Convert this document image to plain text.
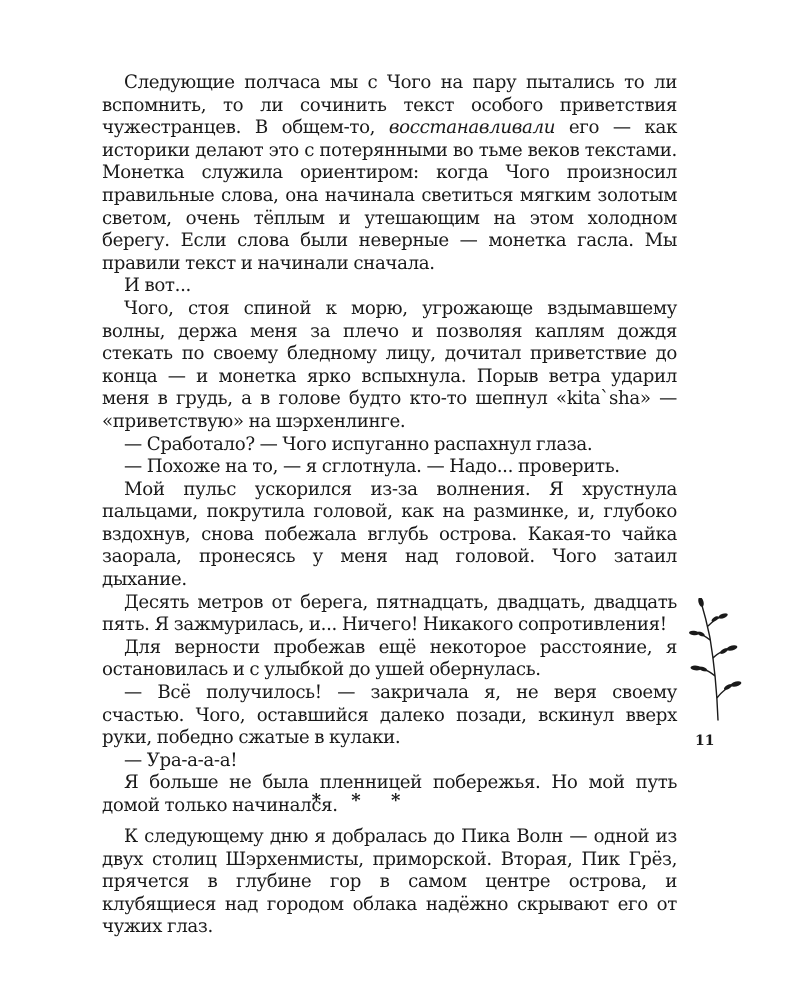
Следующие полчаса мы с Чого на пару пытались то ли вспомнить, то ли сочинить текст особого приветствия чужестранцев. В общем-то, восстанавливали его — как историки делают это с потерянными во тьме веков текстами. Монетка служила ориентиром: когда Чого произносил правильные слова, она начинала светиться мягким золотым светом, очень тёплым и утешающим на этом холодном берегу. Если слова были неверные — монетка гасла. Мы правили текст и начинали сначала.

И вот...

Чого, стоя спиной к морю, угрожающе вздымавшему волны, держа меня за плечо и позволяя каплям дождя стекать по своему бледному лицу, дочитал приветствие до конца — и монетка ярко вспыхнула. Порыв ветра ударил меня в грудь, а в голове будто кто-то шепнул «kita`sha» — «приветствую» на шэрхенлинге.

— Сработало? — Чого испуганно распахнул глаза.

— Похоже на то, — я сглотнула. — Надо... проверить.

Мой пульс ускорился из-за волнения. Я хрустнула пальцами, покрутила головой, как на разминке, и, глубоко вздохнув, снова побежала вглубь острова. Какая-то чайка заорала, пронесясь у меня над головой. Чого затаил дыхание.

Десять метров от берега, пятнадцать, двадцать, двадцать пять. Я зажмурилась, и... Ничего! Никакого сопротивления!

Для верности пробежав ещё некоторое расстояние, я остановилась и с улыбкой до ушей обернулась.

— Всё получилось! — закричала я, не веря своему счастью. Чого, оставшийся далеко позади, вскинул вверх руки, победно сжатые в кулаки.

— Ура-а-а-а!

Я больше не была пленницей побережья. Но мой путь домой только начинался.

* * *

К следующему дню я добралась до Пика Волн — одной из двух столиц Шэрхенмисты, приморской. Вторая, Пик Грёз, прячется в глубине гор в самом центре острова, и клубящиеся над городом облака надёжно скрывают его от чужих глаз.

11
